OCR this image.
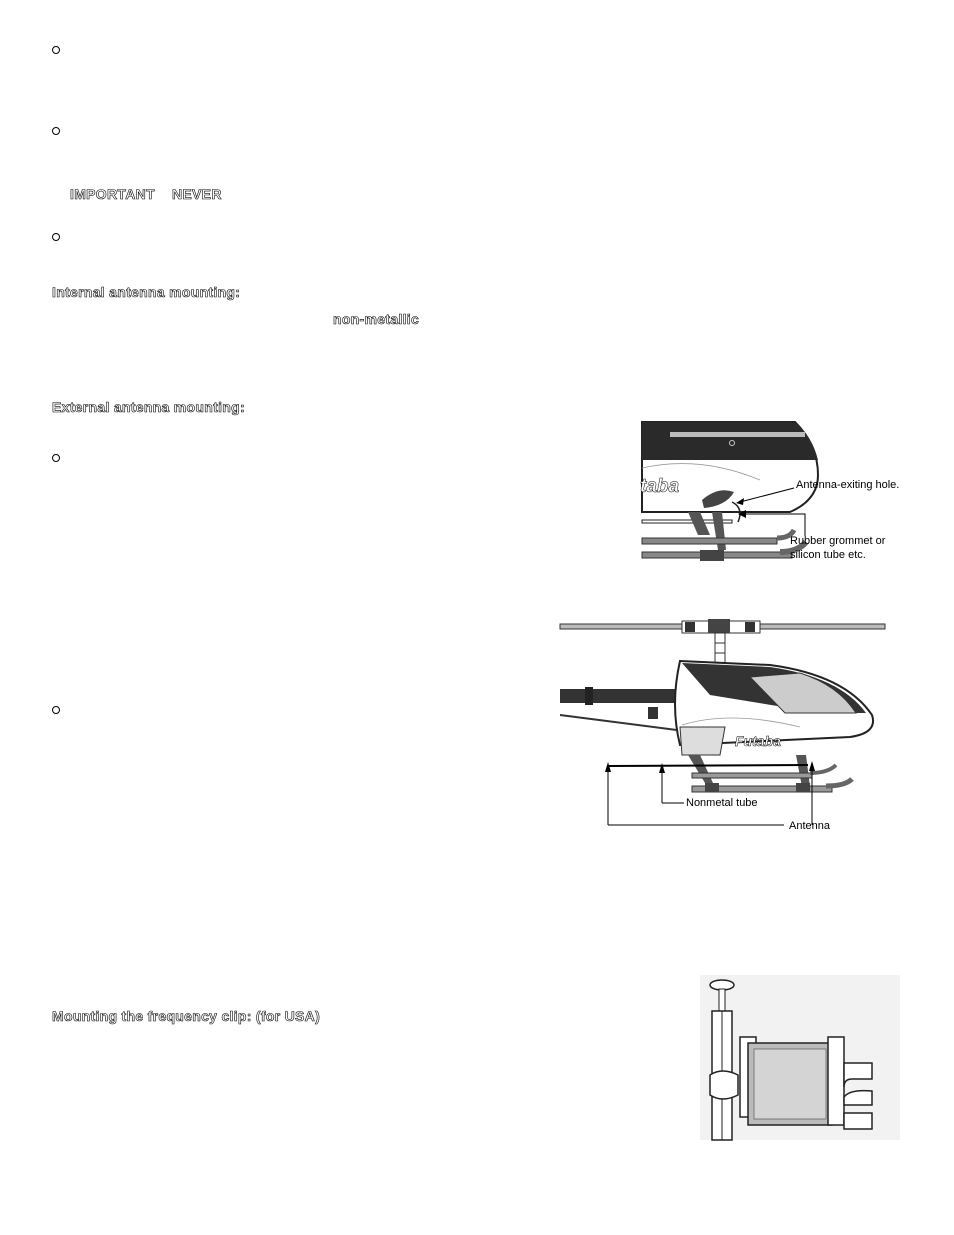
IMPORTANT NEVER
Internal antenna mounting:
non-metallic
External antenna mounting:
Mounting the frequency clip: (for USA)
taba	Antenna-exiting hole.
Rubber grommet or
silicon tube etc.
Futaba
Nonmetal tube
Antenna
